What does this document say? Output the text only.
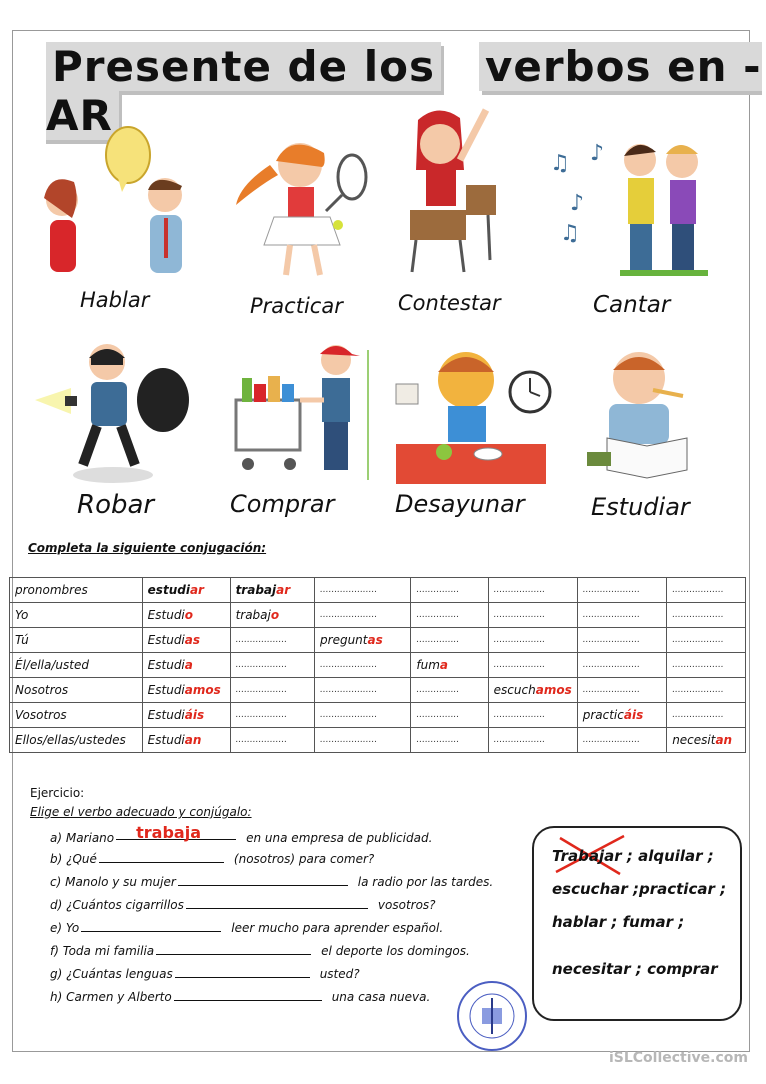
Presente de los verbos en -AR
♫
♪
♫
♪
Hablar	Practicar	Contestar	Cantar
Robar	Comprar	Desayunar	Estudiar
Completa la siguiente conjugación:
pronombres	estudiar	trabajar	....................	...............	..................	....................	..................
Yo	Estudio	trabajo	....................	...............	..................	....................	..................
Tú	Estudias	..................	preguntas	...............	..................	....................	..................
Él/ella/usted	Estudia	..................	....................	fuma	..................	....................	..................
Nosotros	Estudiamos	..................	....................	...............	escuchamos	....................	..................
Vosotros	Estudiáis	..................	....................	...............	..................	practicáis	..................
Ellos/ellas/ustedes	Estudian	..................	....................	...............	..................	....................	necesitan
Ejercicio:
Elige el verbo adecuado y conjúgalo:
a) Mariano trabaja	en una empresa de publicidad.
b) ¿Qué	(nosotros) para comer?
c) Manolo y su mujer	la radio por las tardes.
d) ¿Cuántos cigarrillos	vosotros?
e) Yo	leer mucho para aprender español.
f) Toda mi familia	el deporte los domingos.
g) ¿Cuántas lenguas	usted?
h) Carmen y Alberto	una casa nueva.
Trabajar ; alquilar ;
escuchar ;practicar ;
hablar ; fumar ;
necesitar ; comprar
iSLCollective.com
